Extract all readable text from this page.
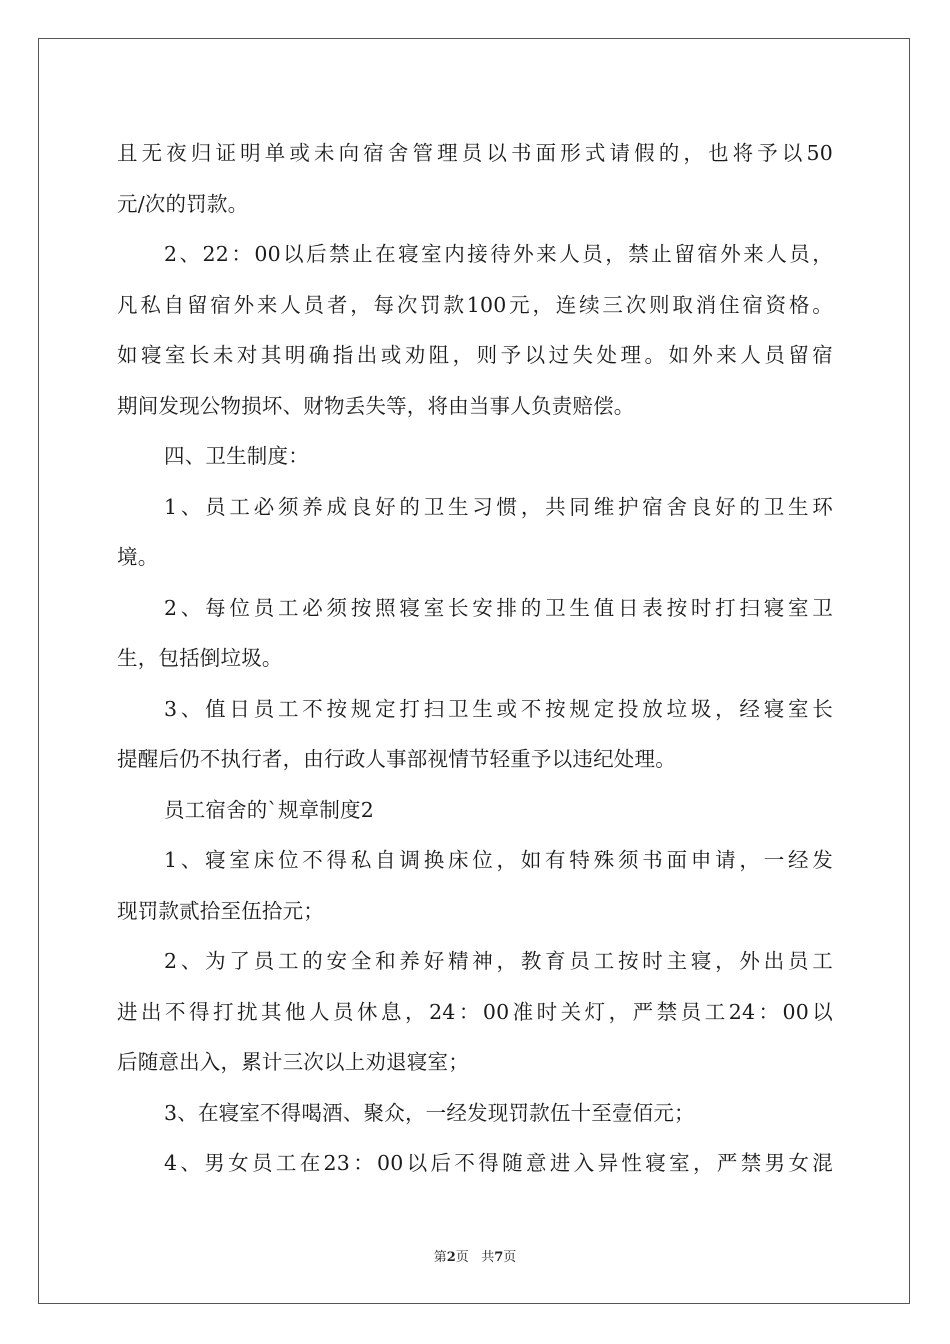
且无夜归证明单或未向宿舍管理员以书面形式请假的，也将予以50
元/次的罚款。
2、22：00以后禁止在寝室内接待外来人员，禁止留宿外来人员，
凡私自留宿外来人员者，每次罚款100元，连续三次则取消住宿资格。
如寝室长未对其明确指出或劝阻，则予以过失处理。如外来人员留宿
期间发现公物损坏、财物丢失等，将由当事人负责赔偿。
四、卫生制度：
1、员工必须养成良好的卫生习惯，共同维护宿舍良好的卫生环
境。
2、每位员工必须按照寝室长安排的卫生值日表按时打扫寝室卫
生，包括倒垃圾。
3、值日员工不按规定打扫卫生或不按规定投放垃圾，经寝室长
提醒后仍不执行者，由行政人事部视情节轻重予以违纪处理。
员工宿舍的`规章制度2
1、寝室床位不得私自调换床位，如有特殊须书面申请，一经发
现罚款贰拾至伍拾元；
2、为了员工的安全和养好精神，教育员工按时主寝，外出员工
进出不得打扰其他人员休息，24：00准时关灯，严禁员工24：00以
后随意出入，累计三次以上劝退寝室；
3、在寝室不得喝酒、聚众，一经发现罚款伍十至壹佰元；
4、男女员工在23：00以后不得随意进入异性寝室，严禁男女混
第2页 共7页
